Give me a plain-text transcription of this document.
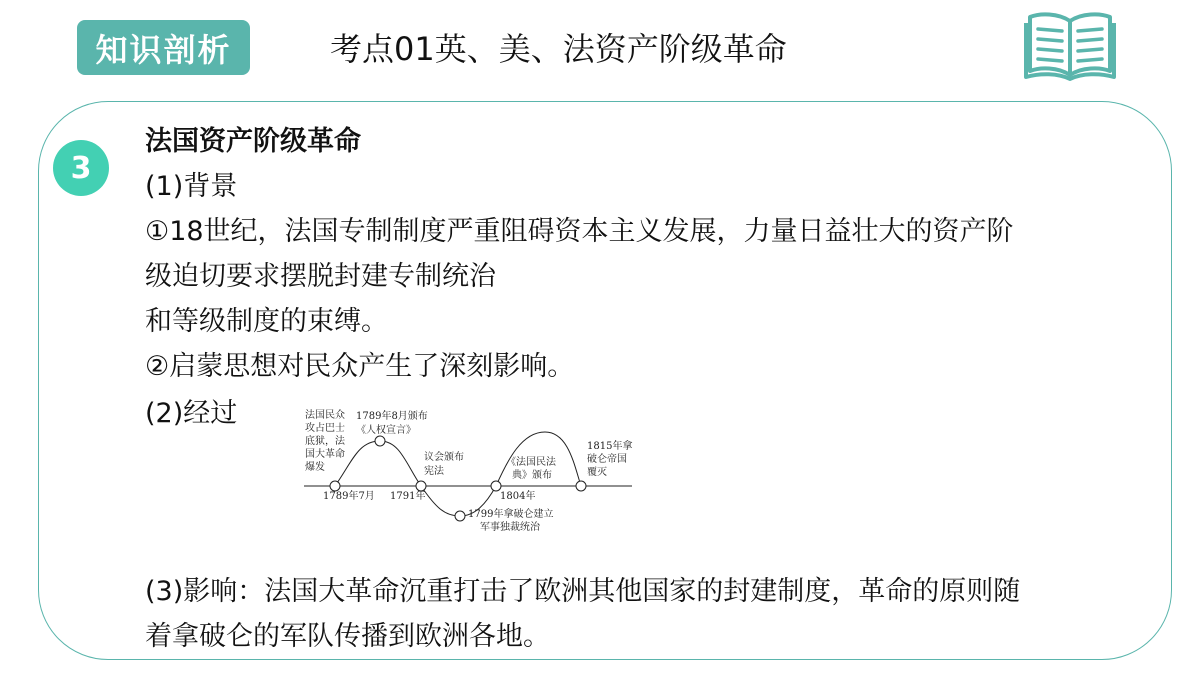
知识剖析	考点01英、美、法资产阶级革命
3
法国资产阶级革命
(1)背景
①18世纪，法国专制制度严重阻碍资本主义发展，力量日益壮大的资产阶
级迫切要求摆脱封建专制统治
和等级制度的束缚。
②启蒙思想对民众产生了深刻影响。
(2)经过	法国民众
攻占巴士
底狱，法
国大革命
爆发
1789年7月
1789年8月颁布
《人权宣言》
1791年
议会颁布
宪法
1799年拿破仑建立
军事独裁统治
1804年
《法国民法
典》颁布
1815年拿
破仑帝国
覆灭
(3)影响：法国大革命沉重打击了欧洲其他国家的封建制度，革命的原则随
着拿破仑的军队传播到欧洲各地。
